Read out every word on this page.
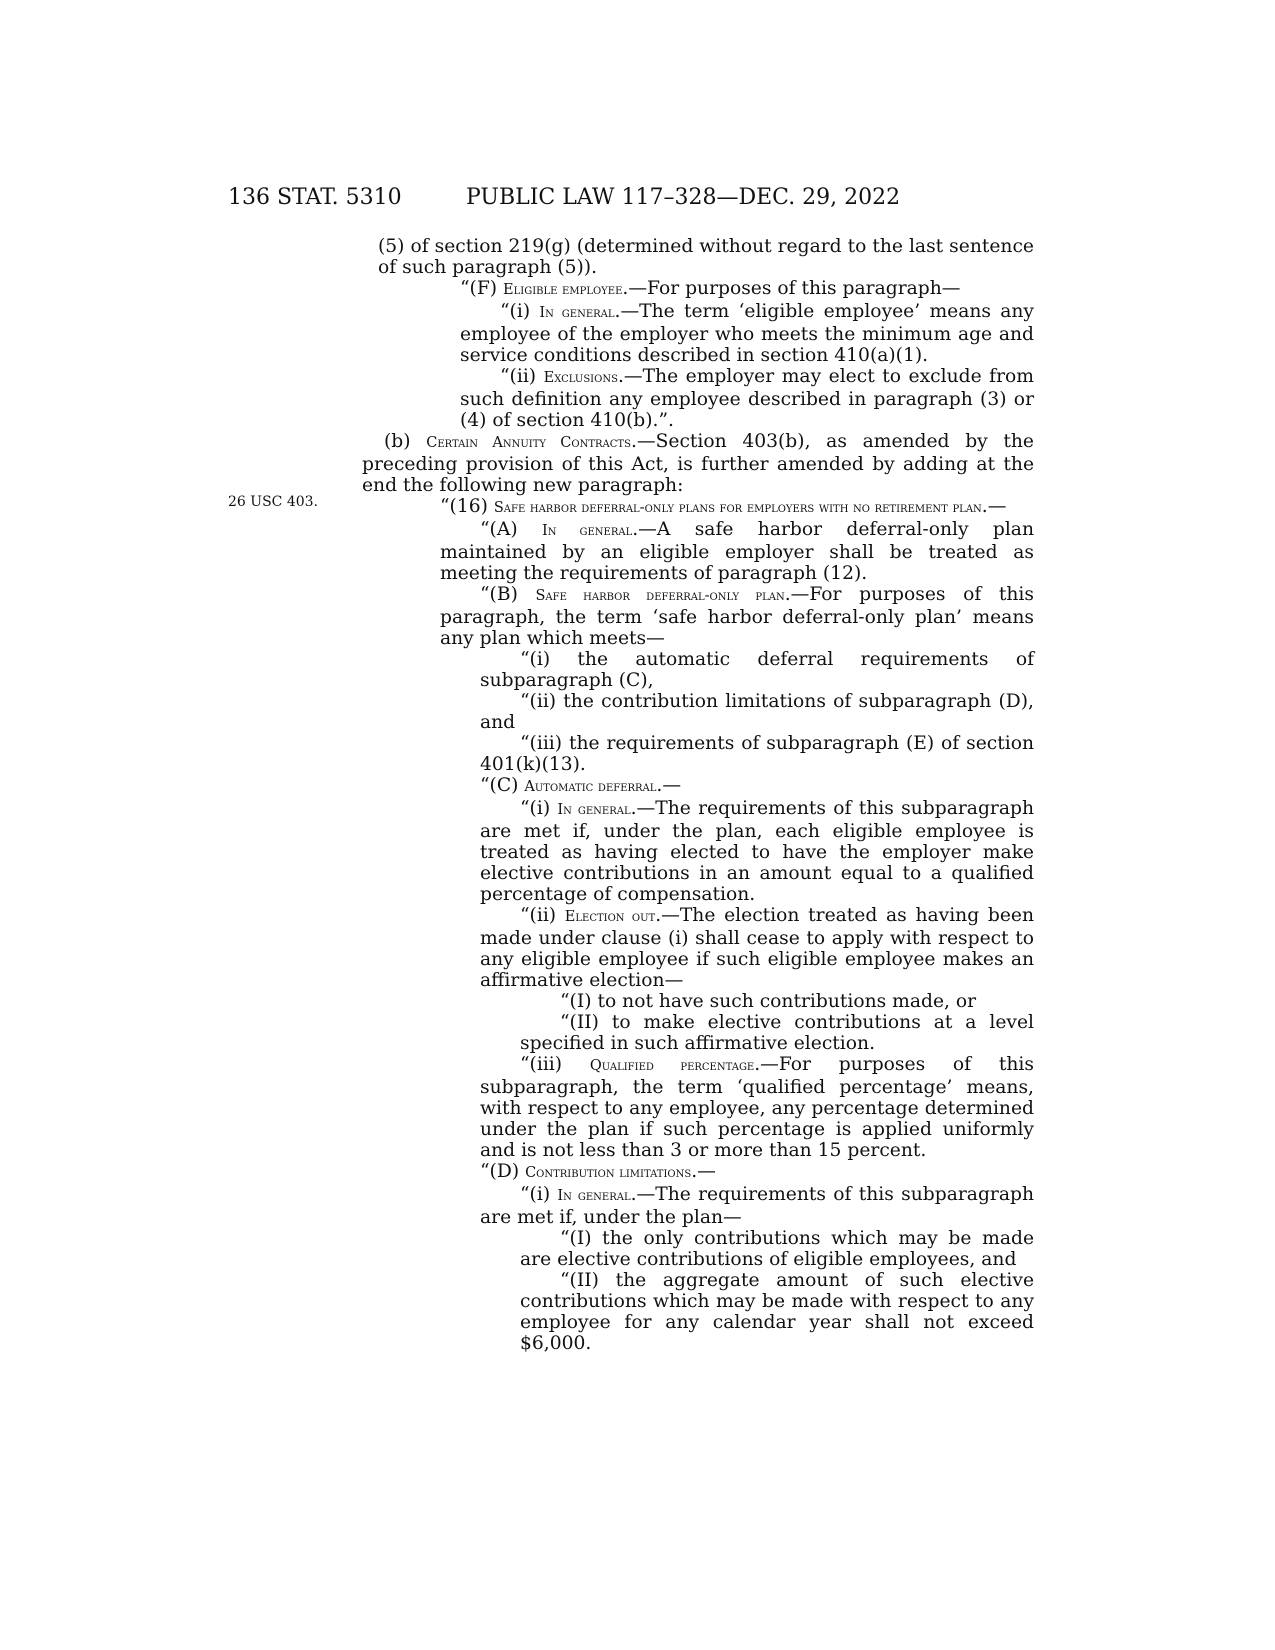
136 STAT. 5310	PUBLIC LAW 117–328—DEC. 29, 2022
26 USC 403.

(5) of section 219(g) (determined without regard to the last sentence of such paragraph (5)).

“(F) Eligible employee.—For purposes of this paragraph—

“(i) In general.—The term ‘eligible employee’ means any employee of the employer who meets the minimum age and service conditions described in section 410(a)(1).

“(ii) Exclusions.—The employer may elect to exclude from such definition any employee described in paragraph (3) or (4) of section 410(b).”.

(b) Certain Annuity Contracts.—Section 403(b), as amended by the preceding provision of this Act, is further amended by adding at the end the following new paragraph:

“(16) Safe harbor deferral-only plans for employers with no retirement plan.—

“(A) In general.—A safe harbor deferral-only plan maintained by an eligible employer shall be treated as meeting the requirements of paragraph (12).

“(B) Safe harbor deferral-only plan.—For purposes of this paragraph, the term ‘safe harbor deferral-only plan’ means any plan which meets—

“(i) the automatic deferral requirements of subparagraph (C),

“(ii) the contribution limitations of subparagraph (D), and

“(iii) the requirements of subparagraph (E) of section 401(k)(13).

“(C) Automatic deferral.—

“(i) In general.—The requirements of this subparagraph are met if, under the plan, each eligible employee is treated as having elected to have the employer make elective contributions in an amount equal to a qualified percentage of compensation.

“(ii) Election out.—The election treated as having been made under clause (i) shall cease to apply with respect to any eligible employee if such eligible employee makes an affirmative election—

“(I) to not have such contributions made, or

“(II) to make elective contributions at a level specified in such affirmative election.

“(iii) Qualified percentage.—For purposes of this subparagraph, the term ‘qualified percentage’ means, with respect to any employee, any percentage determined under the plan if such percentage is applied uniformly and is not less than 3 or more than 15 percent.

“(D) Contribution limitations.—

“(i) In general.—The requirements of this subparagraph are met if, under the plan—

“(I) the only contributions which may be made are elective contributions of eligible employees, and

“(II) the aggregate amount of such elective contributions which may be made with respect to any employee for any calendar year shall not exceed $6,000.
